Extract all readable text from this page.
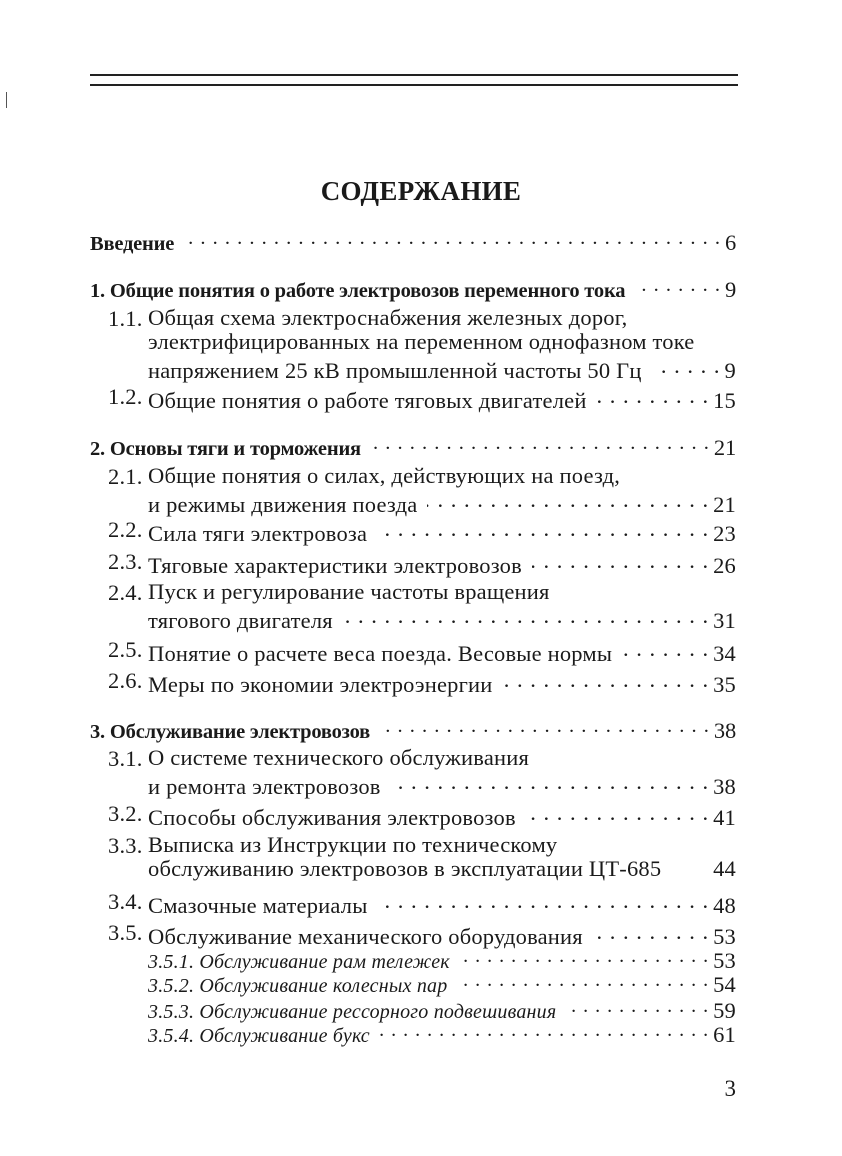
СОДЕРЖАНИЕ
Введение . . .	6
1. Общие понятия о работе электровозов переменного тока . . .	9
1.1. Общая схема электроснабжения железных дорог,
электрифицированных на переменном однофазном токе
напряжением 25 кВ промышленной частоты 50 Гц . . .	9
1.2. Общие понятия о работе тяговых двигателей . . .	15
2. Основы тяги и торможения . . .	21
2.1. Общие понятия о силах, действующих на поезд,
и режимы движения поезда . . .	21
2.2. Сила тяги электровоза . . .	23
2.3. Тяговые характеристики электровозов . . .	26
2.4. Пуск и регулирование частоты вращения
тягового двигателя . . .	31
2.5. Понятие о расчете веса поезда. Весовые нормы . . .	34
2.6. Меры по экономии электроэнергии . . .	35
3. Обслуживание электровозов . . .	38
3.1. О системе технического обслуживания
и ремонта электровозов . . .	38
3.2. Способы обслуживания электровозов . . .	41
3.3. Выписка из Инструкции по техническому
обслуживанию электровозов в эксплуатации ЦТ-685 44
3.4. Смазочные материалы . . .	48
3.5. Обслуживание механического оборудования . . .	53
3.5.1. Обслуживание рам тележек . . .	53
3.5.2. Обслуживание колесных пар . . .	54
3.5.3. Обслуживание рессорного подвешивания . . .	59
3.5.4. Обслуживание букс . . .	61
3
